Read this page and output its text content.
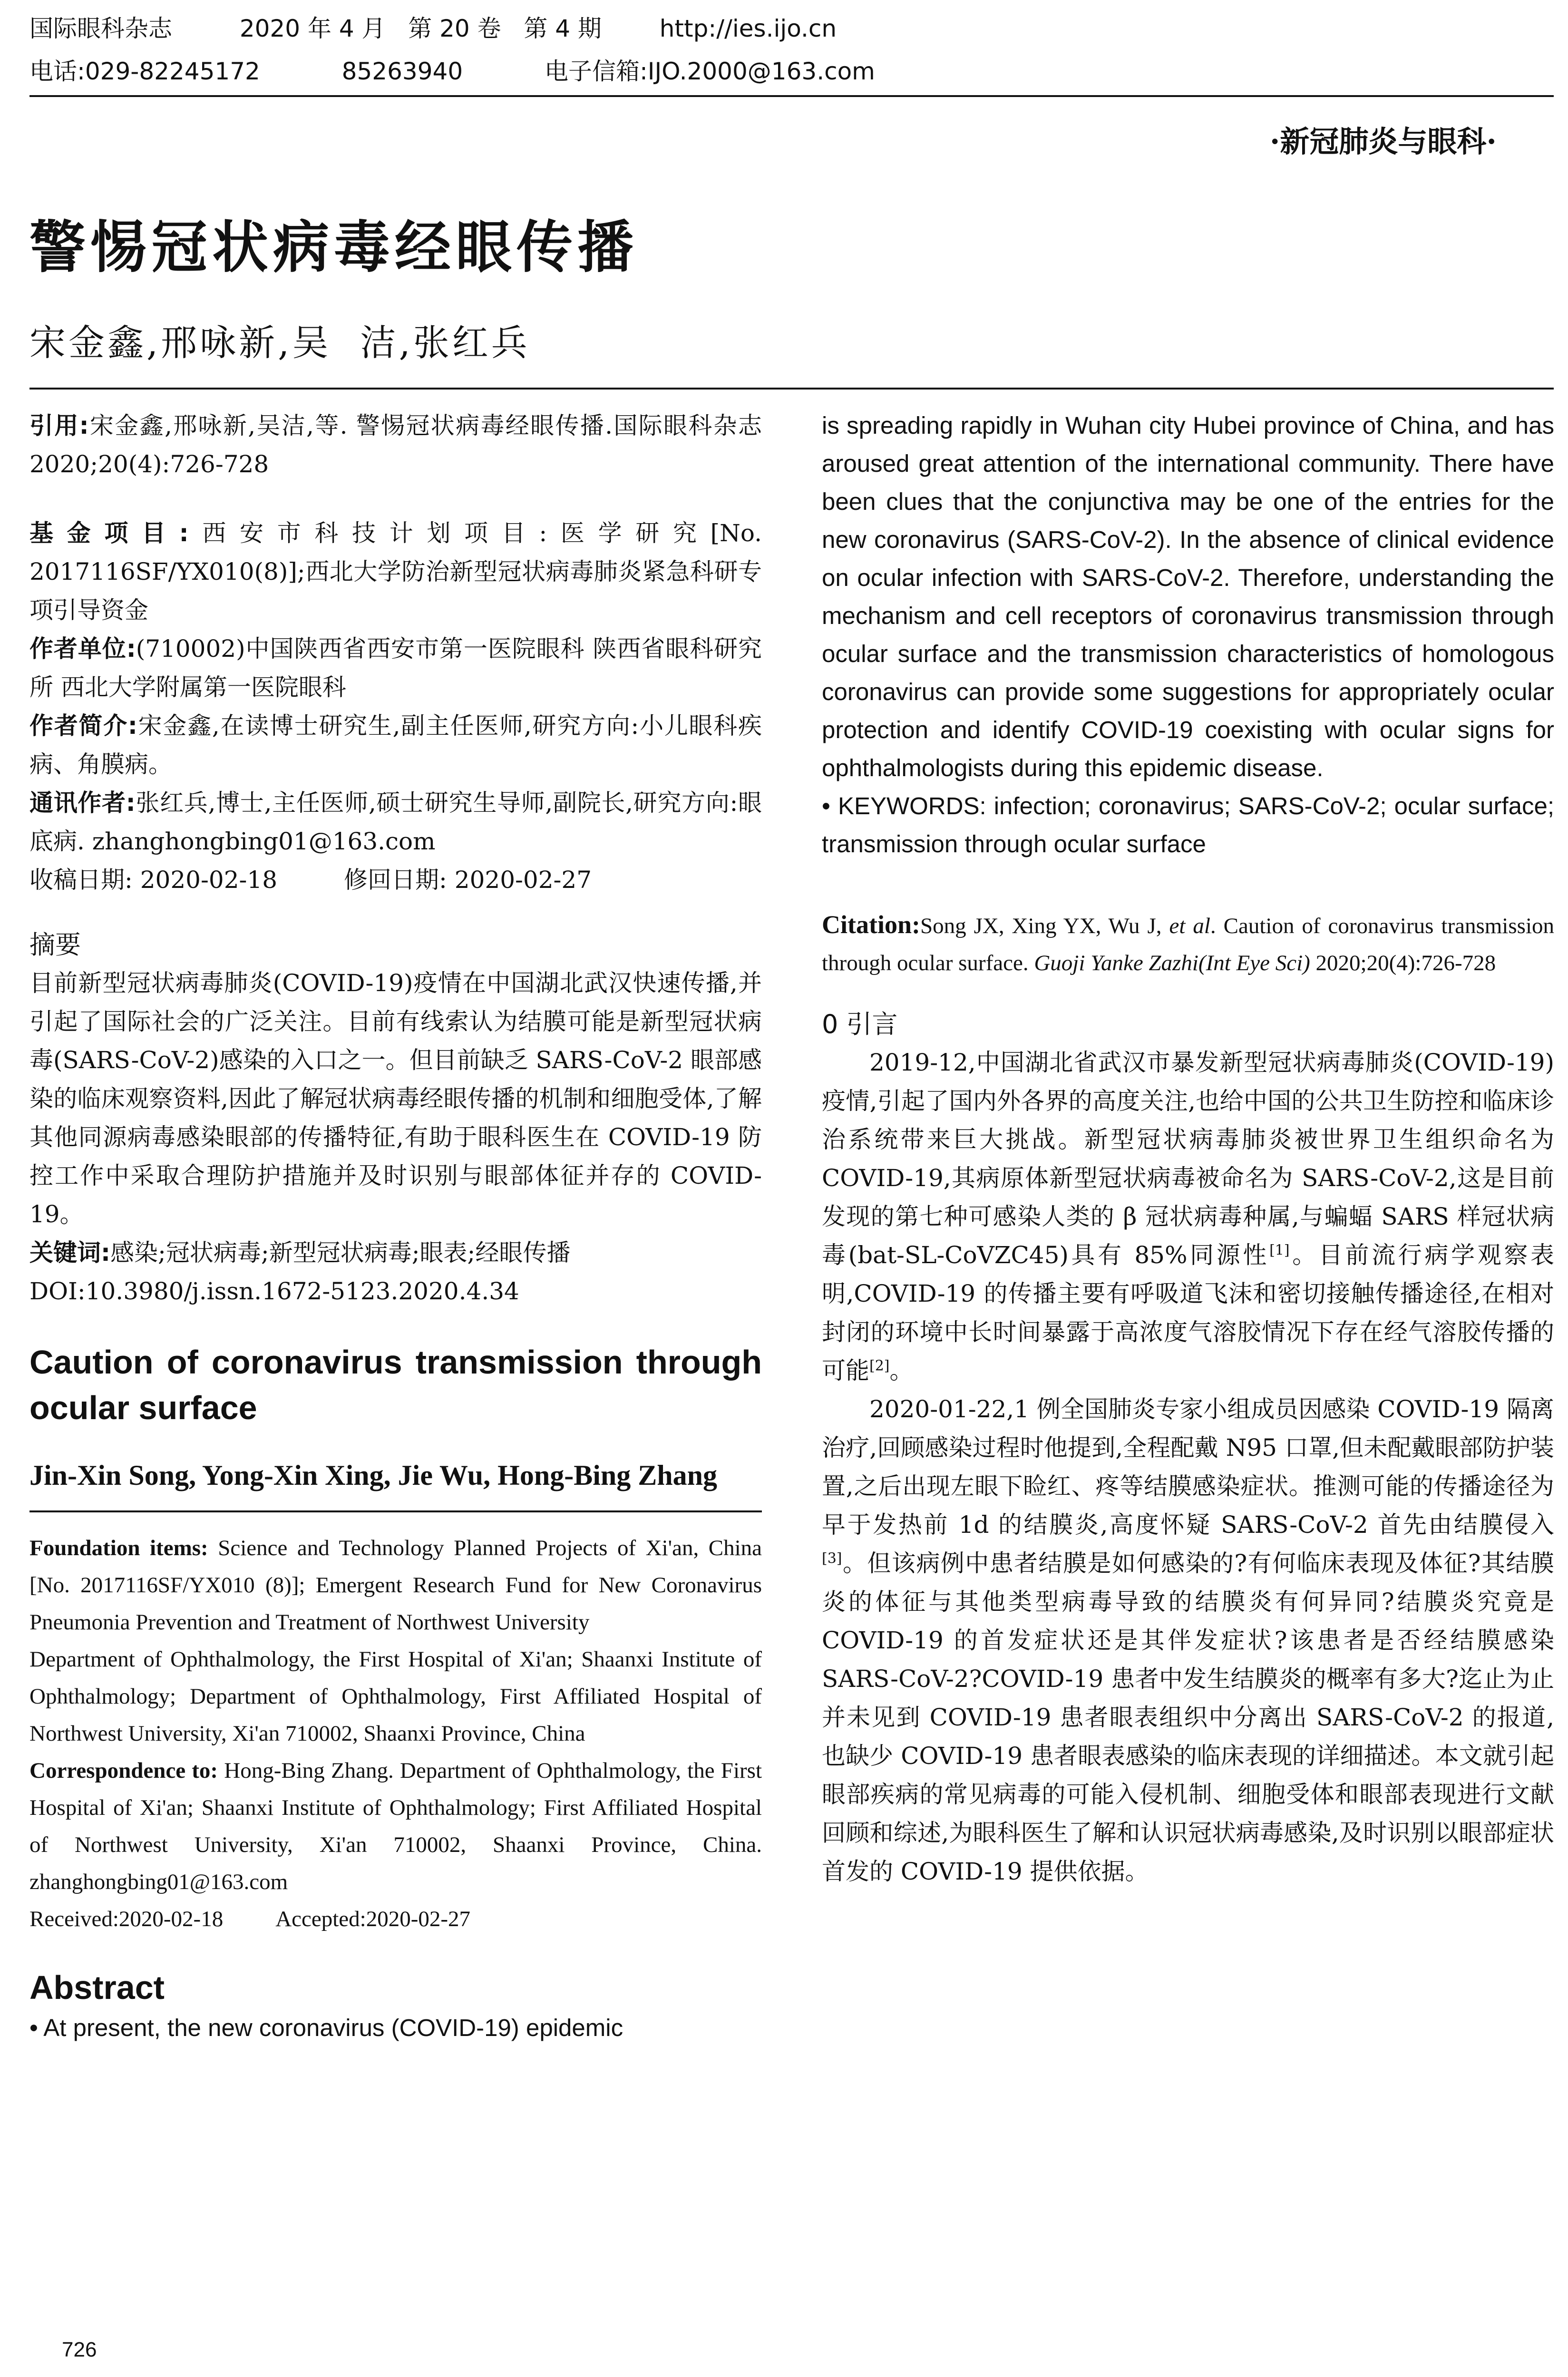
国际眼科杂志	2020 年 4 月   第 20 卷   第 4 期 http://ies.ijo.cn
电话:029-82245172	85263940	电子信箱:IJO.2000@163.com
·新冠肺炎与眼科·
警惕冠状病毒经眼传播
宋金鑫,邢咏新,吴  洁,张红兵

引用:宋金鑫,邢咏新,吴洁,等. 警惕冠状病毒经眼传播.国际眼科杂志 2020;20(4):726-728

基金项目:西安市科技计划项目:医学研究[No. 2017116SF/YX010(8)];西北大学防治新型冠状病毒肺炎紧急科研专项引导资金

作者单位:(710002)中国陕西省西安市第一医院眼科 陕西省眼科研究所 西北大学附属第一医院眼科

作者简介:宋金鑫,在读博士研究生,副主任医师,研究方向:小儿眼科疾病、角膜病。

通讯作者:张红兵,博士,主任医师,硕士研究生导师,副院长,研究方向:眼底病. zhanghongbing01@163.com

收稿日期: 2020-02-18	修回日期: 2020-02-27

摘要

目前新型冠状病毒肺炎(COVID-19)疫情在中国湖北武汉快速传播,并引起了国际社会的广泛关注。目前有线索认为结膜可能是新型冠状病毒(SARS-CoV-2)感染的入口之一。但目前缺乏 SARS-CoV-2 眼部感染的临床观察资料,因此了解冠状病毒经眼传播的机制和细胞受体,了解其他同源病毒感染眼部的传播特征,有助于眼科医生在 COVID-19 防控工作中采取合理防护措施并及时识别与眼部体征并存的 COVID-19。

关键词:感染;冠状病毒;新型冠状病毒;眼表;经眼传播

DOI:10.3980/j.issn.1672-5123.2020.4.34

Caution of coronavirus transmission through ocular surface

Jin-Xin Song, Yong-Xin Xing, Jie Wu, Hong-Bing Zhang

Foundation items: Science and Technology Planned Projects of Xi'an, China [No. 2017116SF/YX010 (8)]; Emergent Research Fund for New Coronavirus Pneumonia Prevention and Treatment of Northwest University

Department of Ophthalmology, the First Hospital of Xi'an; Shaanxi Institute of Ophthalmology; Department of Ophthalmology, First Affiliated Hospital of Northwest University, Xi'an 710002, Shaanxi Province, China

Correspondence to: Hong-Bing Zhang. Department of Ophthalmology, the First Hospital of Xi'an; Shaanxi Institute of Ophthalmology; First Affiliated Hospital of Northwest University, Xi'an 710002, Shaanxi Province, China. zhanghongbing01@163.com

Received:2020-02-18 Accepted:2020-02-27

Abstract

• At present, the new coronavirus (COVID-19) epidemic

is spreading rapidly in Wuhan city Hubei province of China, and has aroused great attention of the international community. There have been clues that the conjunctiva may be one of the entries for the new coronavirus (SARS-CoV-2). In the absence of clinical evidence on ocular infection with SARS-CoV-2. Therefore, understanding the mechanism and cell receptors of coronavirus transmission through ocular surface and the transmission characteristics of homologous coronavirus can provide some suggestions for appropriately ocular protection and identify COVID-19 coexisting with ocular signs for ophthalmologists during this epidemic disease.

• KEYWORDS: infection; coronavirus; SARS-CoV-2; ocular surface; transmission through ocular surface

Citation:Song JX, Xing YX, Wu J, et al. Caution of coronavirus transmission through ocular surface. Guoji Yanke Zazhi(Int Eye Sci) 2020;20(4):726-728

0 引言

2019-12,中国湖北省武汉市暴发新型冠状病毒肺炎(COVID-19)疫情,引起了国内外各界的高度关注,也给中国的公共卫生防控和临床诊治系统带来巨大挑战。新型冠状病毒肺炎被世界卫生组织命名为 COVID-19,其病原体新型冠状病毒被命名为 SARS-CoV-2,这是目前发现的第七种可感染人类的 β 冠状病毒种属,与蝙蝠 SARS 样冠状病毒(bat-SL-CoVZC45)具有 85%同源性[1]。目前流行病学观察表明,COVID-19 的传播主要有呼吸道飞沫和密切接触传播途径,在相对封闭的环境中长时间暴露于高浓度气溶胶情况下存在经气溶胶传播的可能[2]。

2020-01-22,1 例全国肺炎专家小组成员因感染 COVID-19 隔离治疗,回顾感染过程时他提到,全程配戴 N95 口罩,但未配戴眼部防护装置,之后出现左眼下睑红、疼等结膜感染症状。推测可能的传播途径为早于发热前 1d 的结膜炎,高度怀疑 SARS-CoV-2 首先由结膜侵入[3]。但该病例中患者结膜是如何感染的?有何临床表现及体征?其结膜炎的体征与其他类型病毒导致的结膜炎有何异同?结膜炎究竟是 COVID-19 的首发症状还是其伴发症状?该患者是否经结膜感染 SARS-CoV-2?COVID-19 患者中发生结膜炎的概率有多大?迄止为止并未见到 COVID-19 患者眼表组织中分离出 SARS-CoV-2 的报道,也缺少 COVID-19 患者眼表感染的临床表现的详细描述。本文就引起眼部疾病的常见病毒的可能入侵机制、细胞受体和眼部表现进行文献回顾和综述,为眼科医生了解和认识冠状病毒感染,及时识别以眼部症状首发的 COVID-19 提供依据。

726
